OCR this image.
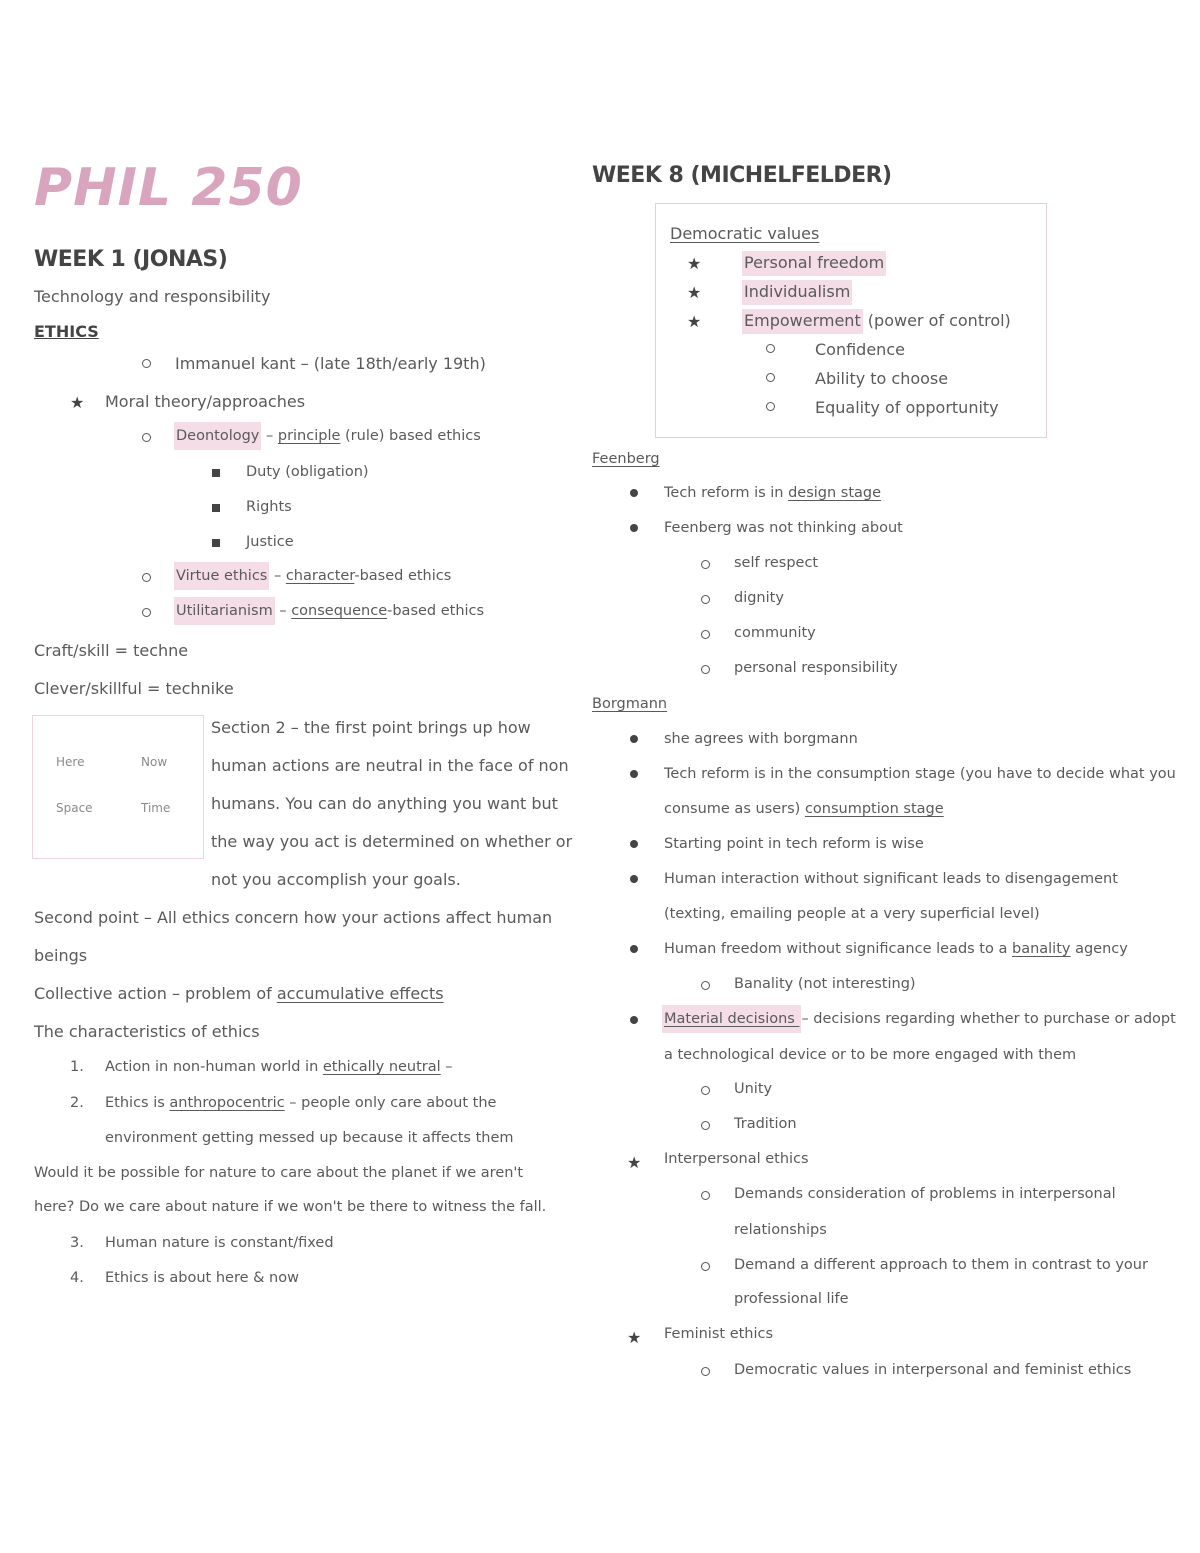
PHIL 250
WEEK 1 (JONAS)
Technology and responsibility
ETHICS
Immanuel kant – (late 18th/early 19th)
★ Moral theory/approaches
Deontology – principle (rule) based ethics
Duty (obligation)
Rights
Justice
Virtue ethics – character-based ethics
Utilitarianism – consequence-based ethics
Craft/skill = techne
Clever/skillful = technike
Here	Now
Space	Time
Section 2 – the first point brings up how
human actions are neutral in the face of non
humans. You can do anything you want but
the way you act is determined on whether or
not you accomplish your goals.
Second point – All ethics concern how your actions affect human
beings
Collective action – problem of accumulative effects
The characteristics of ethics
1. Action in non-human world in ethically neutral –
2. Ethics is anthropocentric – people only care about the
environment getting messed up because it affects them
Would it be possible for nature to care about the planet if we aren't
here? Do we care about nature if we won't be there to witness the fall.
3. Human nature is constant/fixed
4. Ethics is about here & now
WEEK 8 (MICHELFELDER)
Democratic values
★	Personal freedom
★	Individualism
★	Empowerment (power of control)
Confidence
Ability to choose
Equality of opportunity
Feenberg
Tech reform is in design stage
Feenberg was not thinking about
self respect
dignity
community
personal responsibility
Borgmann
she agrees with borgmann
Tech reform is in the consumption stage (you have to decide what you
consume as users) consumption stage
Starting point in tech reform is wise
Human interaction without significant leads to disengagement
(texting, emailing people at a very superficial level)
Human freedom without significance leads to a banality agency
Banality (not interesting)
Material decisions – decisions regarding whether to purchase or adopt
a technological device or to be more engaged with them
Unity
Tradition
★ Interpersonal ethics
Demands consideration of problems in interpersonal
relationships
Demand a different approach to them in contrast to your
professional life
★ Feminist ethics
Democratic values in interpersonal and feminist ethics
